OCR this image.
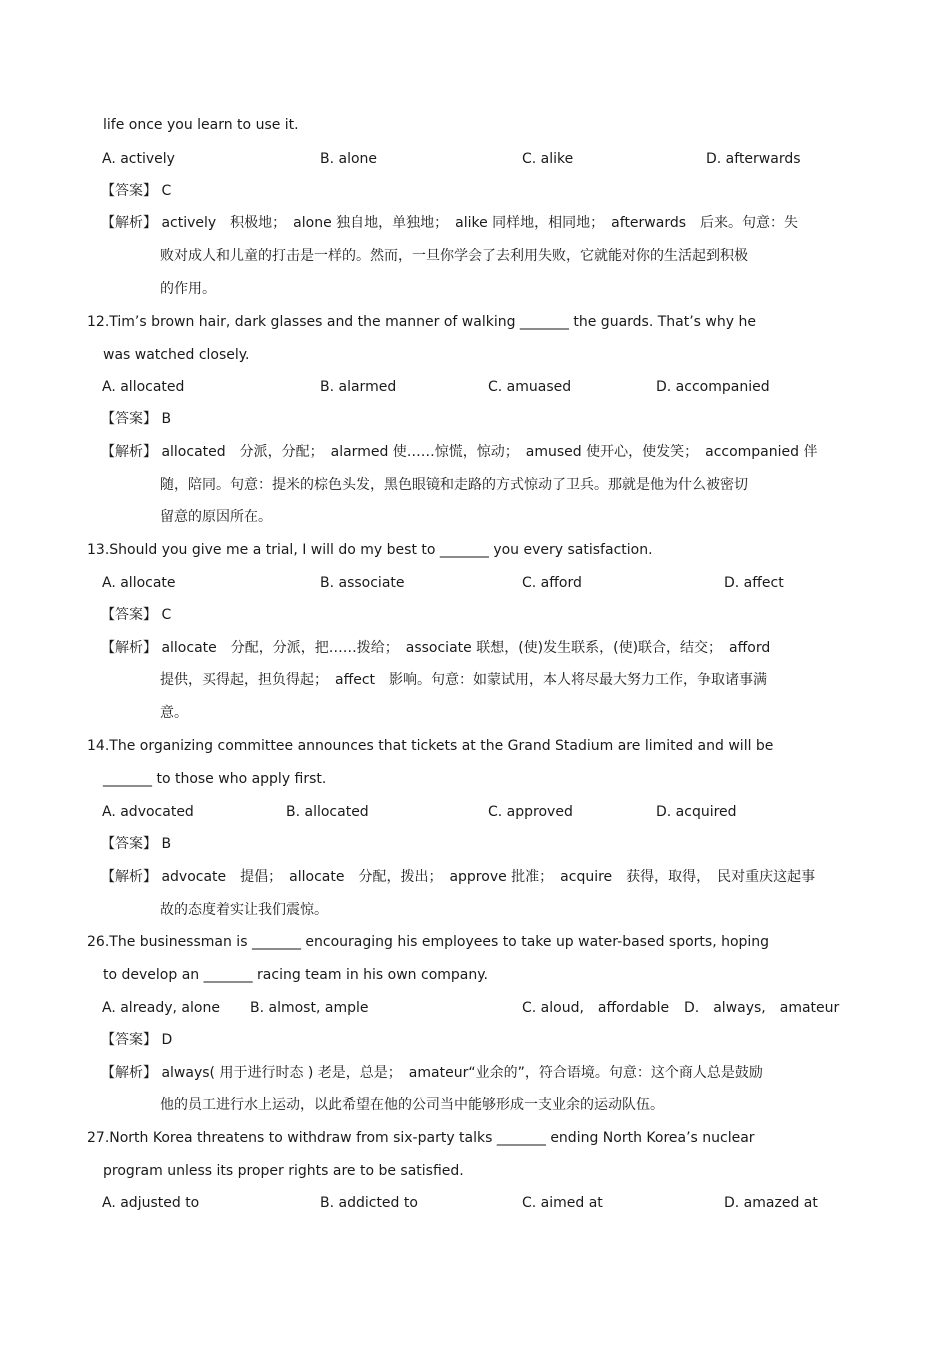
life once you learn to use it.
A. actively	B. alone	C. alike	D. afterwards
【答案】 C
【解析】 actively　积极地；　alone 独自地，单独地；　alike 同样地，相同地；　afterwards　后来。句意：失
败对成人和儿童的打击是一样的。然而，一旦你学会了去利用失败，它就能对你的生活起到积极
的作用。
12.Tim’s brown hair, dark glasses and the manner of walking _______ the guards. That’s why he
was watched closely.
A. allocated	B. alarmed	C. amuased	D. accompanied
【答案】 B
【解析】 allocated　分派，分配；　alarmed 使……惊慌，惊动；　amused 使开心，使发笑；　accompanied 伴
随，陪同。句意：提米的棕色头发，黑色眼镜和走路的方式惊动了卫兵。那就是他为什么被密切
留意的原因所在。
13.Should you give me a trial, I will do my best to _______ you every satisfaction.
A. allocate	B. associate	C. afford	D. affect
【答案】 C
【解析】 allocate　分配，分派，把……拨给；　associate 联想，(使)发生联系，(使)联合，结交；　afford
提供，买得起，担负得起；　affect　影响。句意：如蒙试用，本人将尽最大努力工作，争取诸事满
意。
14.The organizing committee announces that tickets at the Grand Stadium are limited and will be
_______ to those who apply first.
A. advocated	B. allocated	C. approved	D. acquired
【答案】 B
【解析】 advocate　提倡；　allocate　分配，拨出；　approve 批准；　acquire　获得，取得，　民对重庆这起事
故的态度着实让我们震惊。
26.The businessman is _______ encouraging his employees to take up water-based sports, hoping
to develop an _______ racing team in his own company.
A. already, alone B. almost, ample	C. aloud,　affordable D.　always,　amateur
【答案】 D
【解析】 always( 用于进行时态 ) 老是，总是；　amateur“业余的”，符合语境。句意：这个商人总是鼓励
他的员工进行水上运动，以此希望在他的公司当中能够形成一支业余的运动队伍。
27.North Korea threatens to withdraw from six-party talks _______ ending North Korea’s nuclear
program unless its proper rights are to be satisfied.
A. adjusted to	B. addicted to	C. aimed at	D. amazed at
